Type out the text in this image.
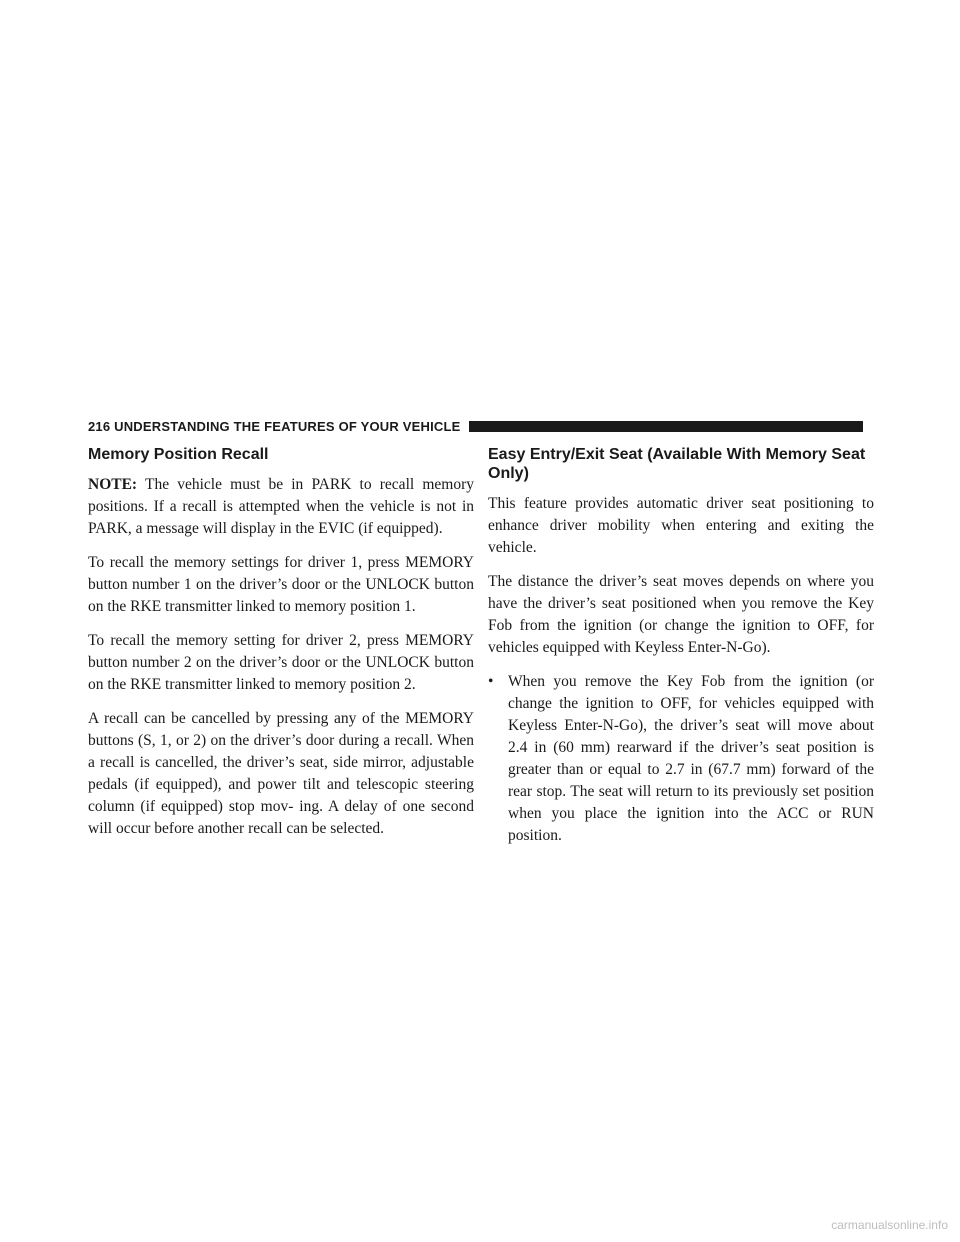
216 UNDERSTANDING THE FEATURES OF YOUR VEHICLE
Memory Position Recall

NOTE: The vehicle must be in PARK to recall memory positions. If a recall is attempted when the vehicle is not in PARK, a message will display in the EVIC (if equipped).

To recall the memory settings for driver 1, press MEMORY button number 1 on the driver’s door or the UNLOCK button on the RKE transmitter linked to memory position 1.

To recall the memory setting for driver 2, press MEMORY button number 2 on the driver’s door or the UNLOCK button on the RKE transmitter linked to memory position 2.

A recall can be cancelled by pressing any of the MEMORY buttons (S, 1, or 2) on the driver’s door during a recall. When a recall is cancelled, the driver’s seat, side mirror, adjustable pedals (if equipped), and power tilt and telescopic steering column (if equipped) stop mov- ing. A delay of one second will occur before another recall can be selected.

Easy Entry/Exit Seat (Available With Memory Seat Only)

This feature provides automatic driver seat positioning to enhance driver mobility when entering and exiting the vehicle.

The distance the driver’s seat moves depends on where you have the driver’s seat positioned when you remove the Key Fob from the ignition (or change the ignition to OFF, for vehicles equipped with Keyless Enter-N-Go).

• When you remove the Key Fob from the ignition (or change the ignition to OFF, for vehicles equipped with Keyless Enter-N-Go), the driver’s seat will move about 2.4 in (60 mm) rearward if the driver’s seat position is greater than or equal to 2.7 in (67.7 mm) forward of the rear stop. The seat will return to its previously set position when you place the ignition into the ACC or RUN position.
carmanualsonline.info
